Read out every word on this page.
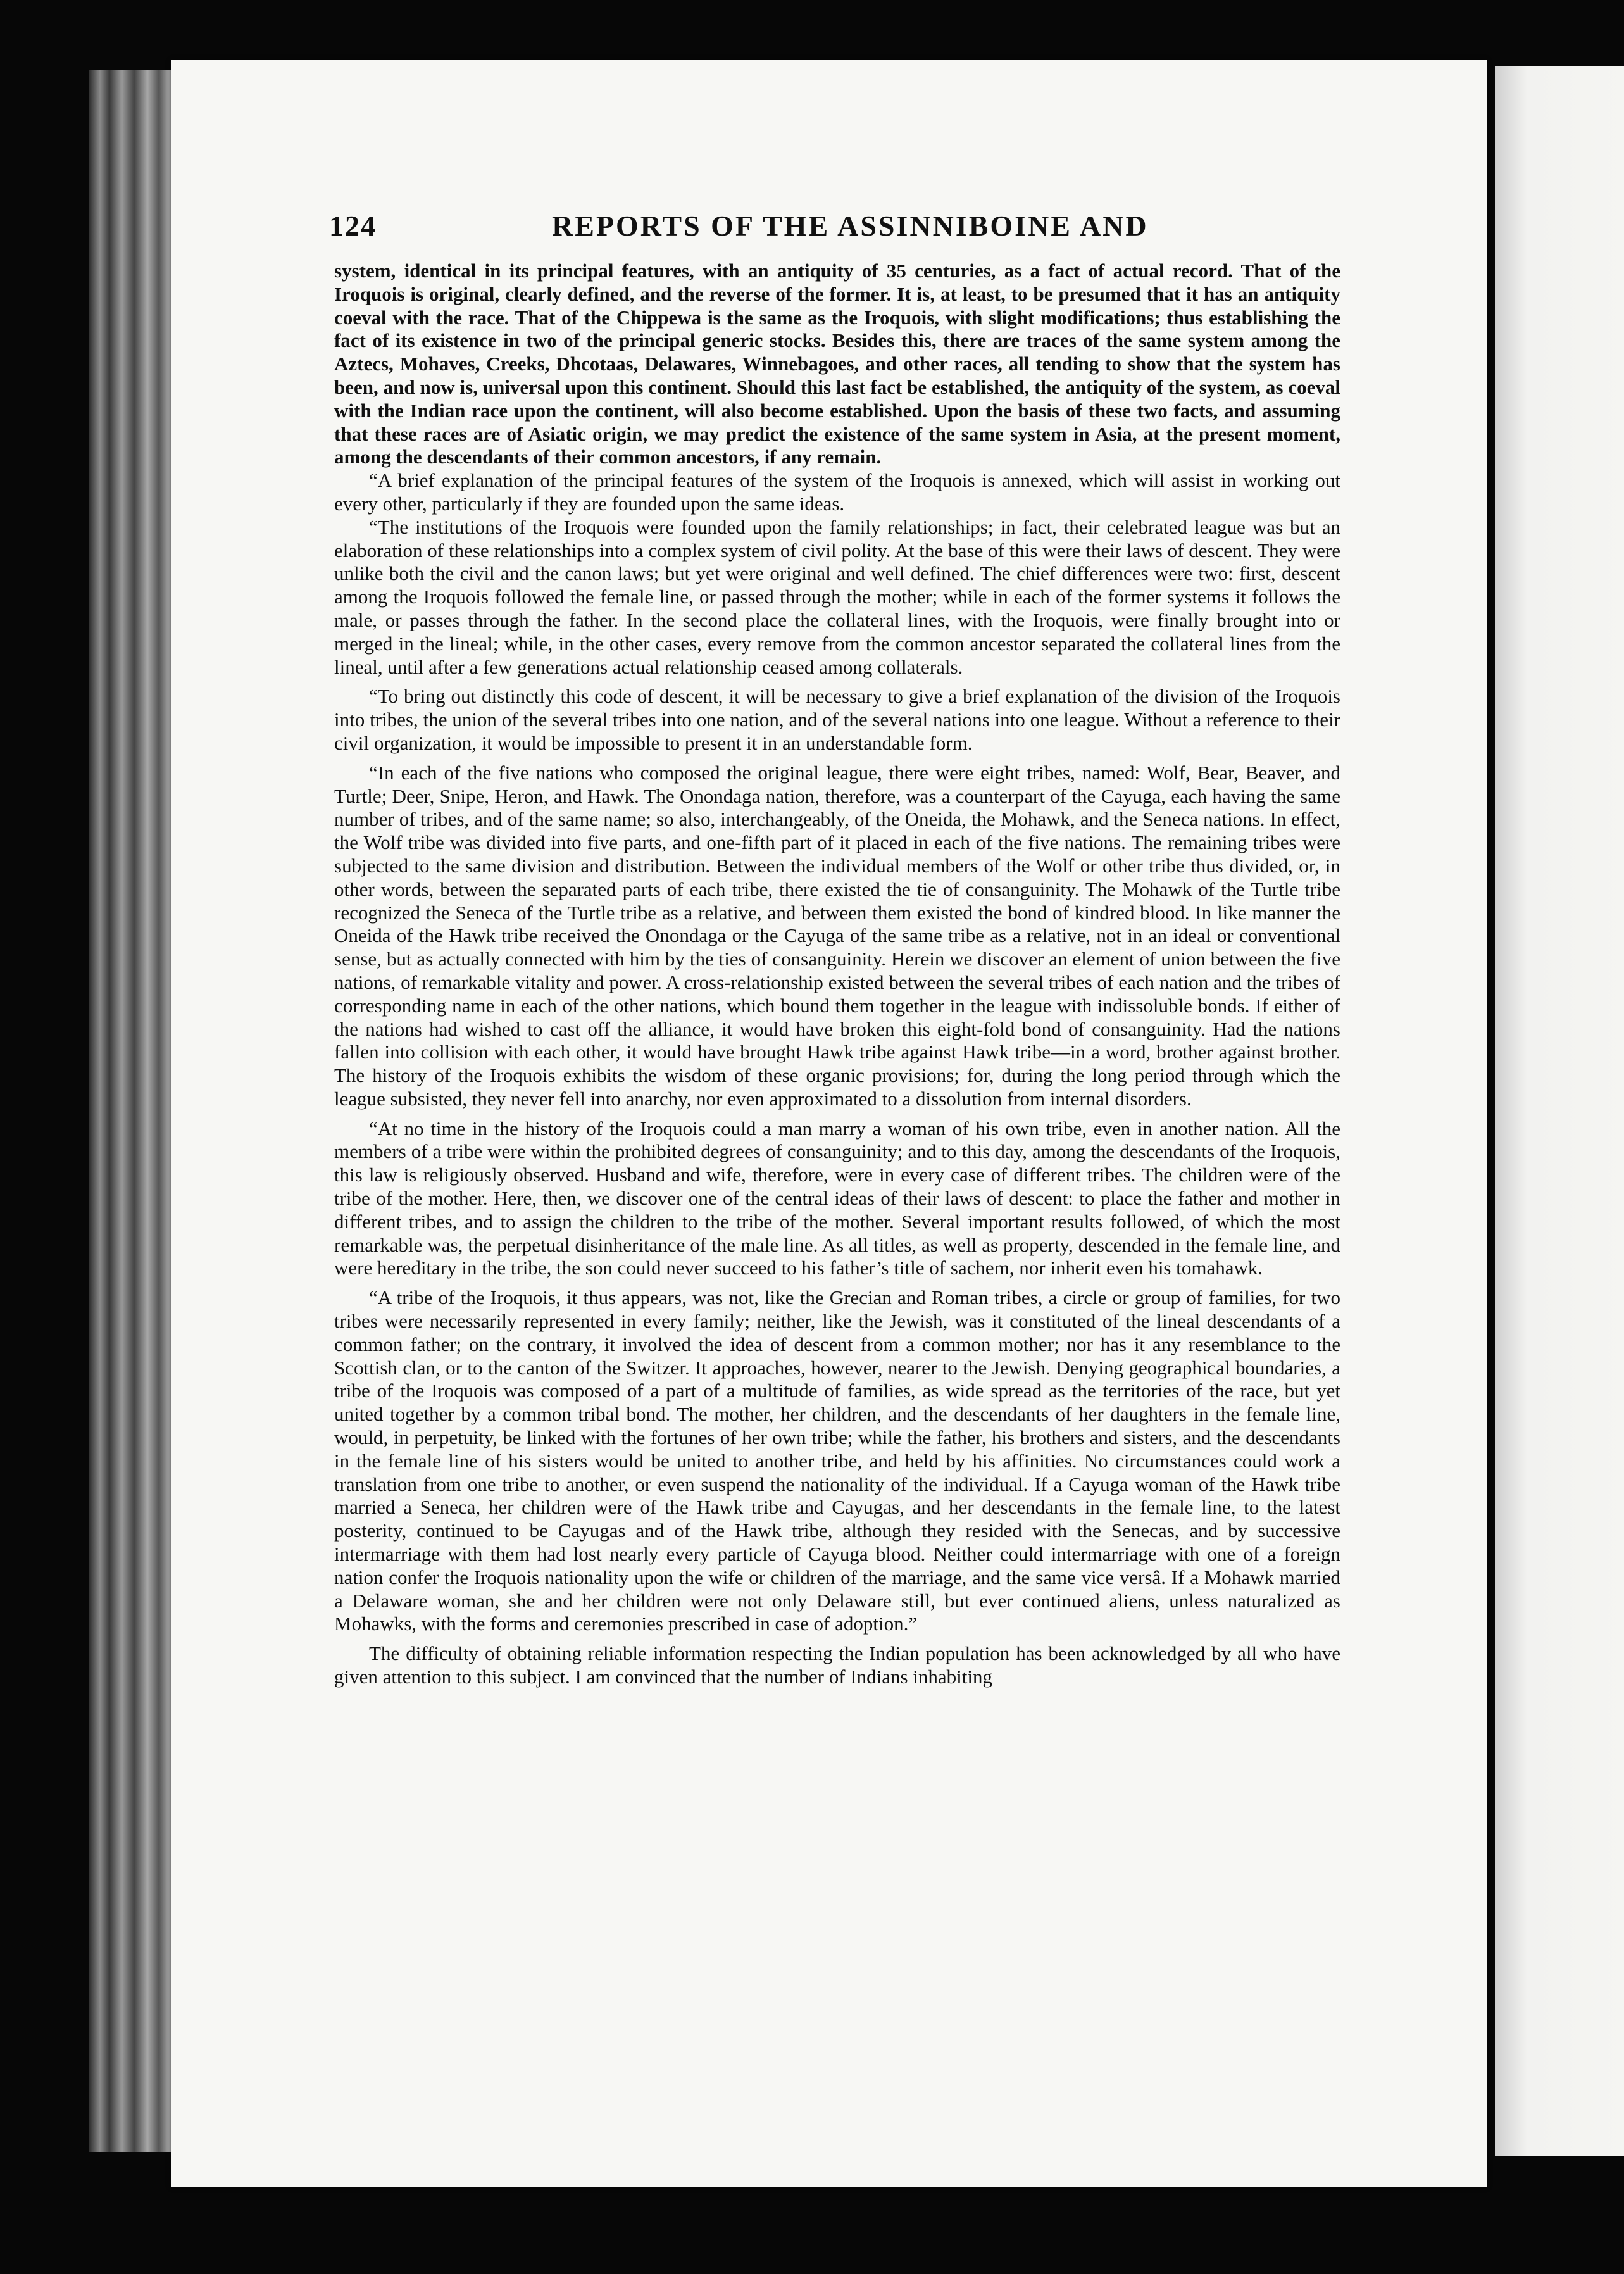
124	REPORTS OF THE ASSINNIBOINE AND

system, identical in its principal features, with an antiquity of 35 centuries, as a fact of actual record. That of the Iroquois is original, clearly defined, and the reverse of the former. It is, at least, to be presumed that it has an antiquity coeval with the race. That of the Chippewa is the same as the Iroquois, with slight modifications; thus establishing the fact of its existence in two of the principal generic stocks. Besides this, there are traces of the same system among the Aztecs, Mohaves, Creeks, Dhcotaas, Delawares, Winnebagoes, and other races, all tending to show that the system has been, and now is, universal upon this continent. Should this last fact be established, the antiquity of the system, as coeval with the Indian race upon the continent, will also become established. Upon the basis of these two facts, and assuming that these races are of Asiatic origin, we may predict the existence of the same system in Asia, at the present moment, among the descendants of their common ancestors, if any remain.

“A brief explanation of the principal features of the system of the Iroquois is annexed, which will assist in working out every other, particularly if they are founded upon the same ideas.

“The institutions of the Iroquois were founded upon the family relationships; in fact, their celebrated league was but an elaboration of these relationships into a complex system of civil polity. At the base of this were their laws of descent. They were unlike both the civil and the canon laws; but yet were original and well defined. The chief differences were two: first, descent among the Iroquois followed the female line, or passed through the mother; while in each of the former systems it follows the male, or passes through the father. In the second place the collateral lines, with the Iroquois, were finally brought into or merged in the lineal; while, in the other cases, every remove from the common ancestor separated the collateral lines from the lineal, until after a few generations actual relationship ceased among collaterals.

“To bring out distinctly this code of descent, it will be necessary to give a brief explanation of the division of the Iroquois into tribes, the union of the several tribes into one nation, and of the several nations into one league. Without a reference to their civil organization, it would be impossible to present it in an understandable form.

“In each of the five nations who composed the original league, there were eight tribes, named: Wolf, Bear, Beaver, and Turtle; Deer, Snipe, Heron, and Hawk. The Onondaga nation, therefore, was a counterpart of the Cayuga, each having the same number of tribes, and of the same name; so also, interchangeably, of the Oneida, the Mohawk, and the Seneca nations. In effect, the Wolf tribe was divided into five parts, and one-fifth part of it placed in each of the five nations. The remaining tribes were subjected to the same division and distribution. Between the individual members of the Wolf or other tribe thus divided, or, in other words, between the separated parts of each tribe, there existed the tie of consanguinity. The Mohawk of the Turtle tribe recognized the Seneca of the Turtle tribe as a relative, and between them existed the bond of kindred blood. In like manner the Oneida of the Hawk tribe received the Onondaga or the Cayuga of the same tribe as a relative, not in an ideal or conventional sense, but as actually connected with him by the ties of consanguinity. Herein we discover an element of union between the five nations, of remarkable vitality and power. A cross-relationship existed between the several tribes of each nation and the tribes of corresponding name in each of the other nations, which bound them together in the league with indissoluble bonds. If either of the nations had wished to cast off the alliance, it would have broken this eight-fold bond of consanguinity. Had the nations fallen into collision with each other, it would have brought Hawk tribe against Hawk tribe—in a word, brother against brother. The history of the Iroquois exhibits the wisdom of these organic provisions; for, during the long period through which the league subsisted, they never fell into anarchy, nor even approximated to a dissolution from internal disorders.

“At no time in the history of the Iroquois could a man marry a woman of his own tribe, even in another nation. All the members of a tribe were within the prohibited degrees of consanguinity; and to this day, among the descendants of the Iroquois, this law is religiously observed. Husband and wife, therefore, were in every case of different tribes. The children were of the tribe of the mother. Here, then, we discover one of the central ideas of their laws of descent: to place the father and mother in different tribes, and to assign the children to the tribe of the mother. Several important results followed, of which the most remarkable was, the perpetual disinheritance of the male line. As all titles, as well as property, descended in the female line, and were hereditary in the tribe, the son could never succeed to his father’s title of sachem, nor inherit even his tomahawk.

“A tribe of the Iroquois, it thus appears, was not, like the Grecian and Roman tribes, a circle or group of families, for two tribes were necessarily represented in every family; neither, like the Jewish, was it constituted of the lineal descendants of a common father; on the contrary, it involved the idea of descent from a common mother; nor has it any resemblance to the Scottish clan, or to the canton of the Switzer. It approaches, however, nearer to the Jewish. Denying geographical boundaries, a tribe of the Iroquois was composed of a part of a multitude of families, as wide spread as the territories of the race, but yet united together by a common tribal bond. The mother, her children, and the descendants of her daughters in the female line, would, in perpetuity, be linked with the fortunes of her own tribe; while the father, his brothers and sisters, and the descendants in the female line of his sisters would be united to another tribe, and held by his affinities. No circumstances could work a translation from one tribe to another, or even suspend the nationality of the individual. If a Cayuga woman of the Hawk tribe married a Seneca, her children were of the Hawk tribe and Cayugas, and her descendants in the female line, to the latest posterity, continued to be Cayugas and of the Hawk tribe, although they resided with the Senecas, and by successive intermarriage with them had lost nearly every particle of Cayuga blood. Neither could intermarriage with one of a foreign nation confer the Iroquois nationality upon the wife or children of the marriage, and the same vice versâ. If a Mohawk married a Delaware woman, she and her children were not only Delaware still, but ever continued aliens, unless naturalized as Mohawks, with the forms and ceremonies prescribed in case of adoption.”

The difficulty of obtaining reliable information respecting the Indian population has been acknowledged by all who have given attention to this subject. I am convinced that the number of Indians inhabiting
